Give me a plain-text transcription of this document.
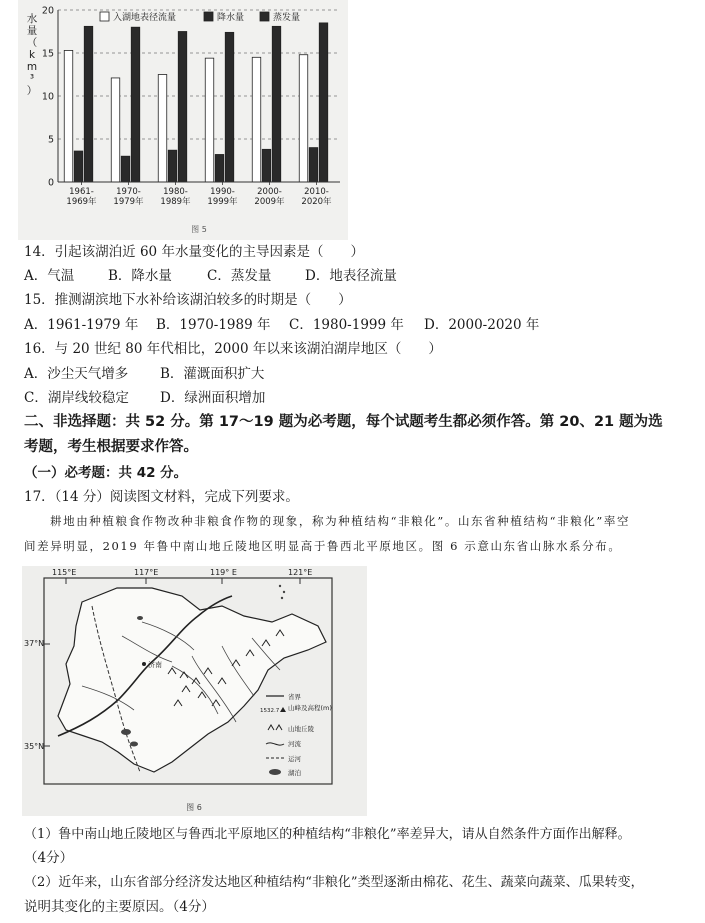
水量（ k m ³ ）
0
5
10
15
20
1961-1969年
1970-1979年
1980-1989年
1990-1999年
2000-2009年
2010-2020年
入湖地表径流量	降水量	蒸发量
图 5
14．引起该湖泊近 60 年水量变化的主导因素是（　　）
A．气温	B．降水量	C．蒸发量 D．地表径流量
15．推测湖滨地下水补给该湖泊较多的时期是（　　）
A．1961-1979 年 B．1970-1989 年 C．1980-1999 年 D．2000-2020 年
16．与 20 世纪 80 年代相比，2000 年以来该湖泊湖岸地区（　　）
A．沙尘天气增多 B．灌溉面积扩大
C．湖岸线较稳定 D．绿洲面积增加
二、非选择题：共 52 分。第 17～19 题为必考题，每个试题考生都必须作答。第 20、21 题为选
考题，考生根据要求作答。
（一）必考题：共 42 分。
17．（14 分）阅读图文材料，完成下列要求。
耕地由种植粮食作物改种非粮食作物的现象，称为种植结构“非粮化”。山东省种植结构“非粮化”率空
间差异明显，2019 年鲁中南山地丘陵地区明显高于鲁西北平原地区。图 6 示意山东省山脉水系分布。
115°E	117°E	119° E	121°E
37°N
35°N
济南
省界
1532.7 山峰及高程(m)
山地丘陵
河流
运河
湖泊
图 6
（1）鲁中南山地丘陵地区与鲁西北平原地区的种植结构“非粮化”率差异大，请从自然条件方面作出解释。
（4分）
（2）近年来，山东省部分经济发达地区种植结构“非粮化”类型逐渐由棉花、花生、蔬菜向蔬菜、瓜果转变，
说明其变化的主要原因。（4分）
